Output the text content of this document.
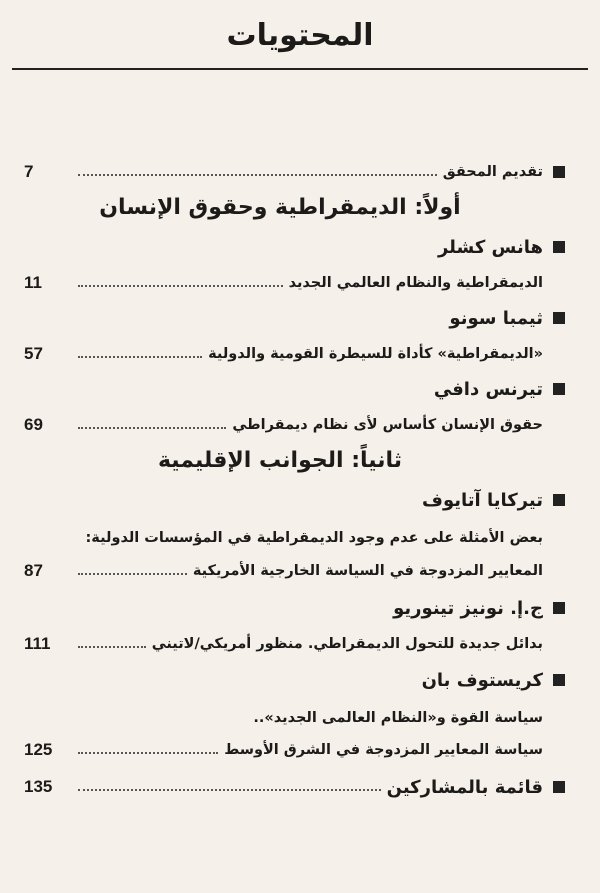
المحتويات
7	تقديم المحقق
أولاً: الديمقراطية وحقوق الإنسان
هانس كشلر
11	الديمقراطية والنظام العالمي الجديد
ثيمبا سونو
57	«الديمقراطية» كأداة للسيطرة القومية والدولية
تيرنس دافي
69	حقوق الإنسان كأساس لأى نظام ديمقراطي
ثانياً: الجوانب الإقليمية
تيركايا آتايوف
بعض الأمثلة على عدم وجود الديمقراطية في المؤسسات الدولية:
87	المعايير المزدوجة في السياسة الخارجية الأمريكية
ج.إ. نونيز تينوريو
111	بدائل جديدة للتحول الديمقراطي. منظور أمريكي/لاتيني
كريستوف بان
سياسة القوة و«النظام العالمى الجديد»..
125	سياسة المعايير المزدوجة في الشرق الأوسط
135	قائمة بالمشاركين
